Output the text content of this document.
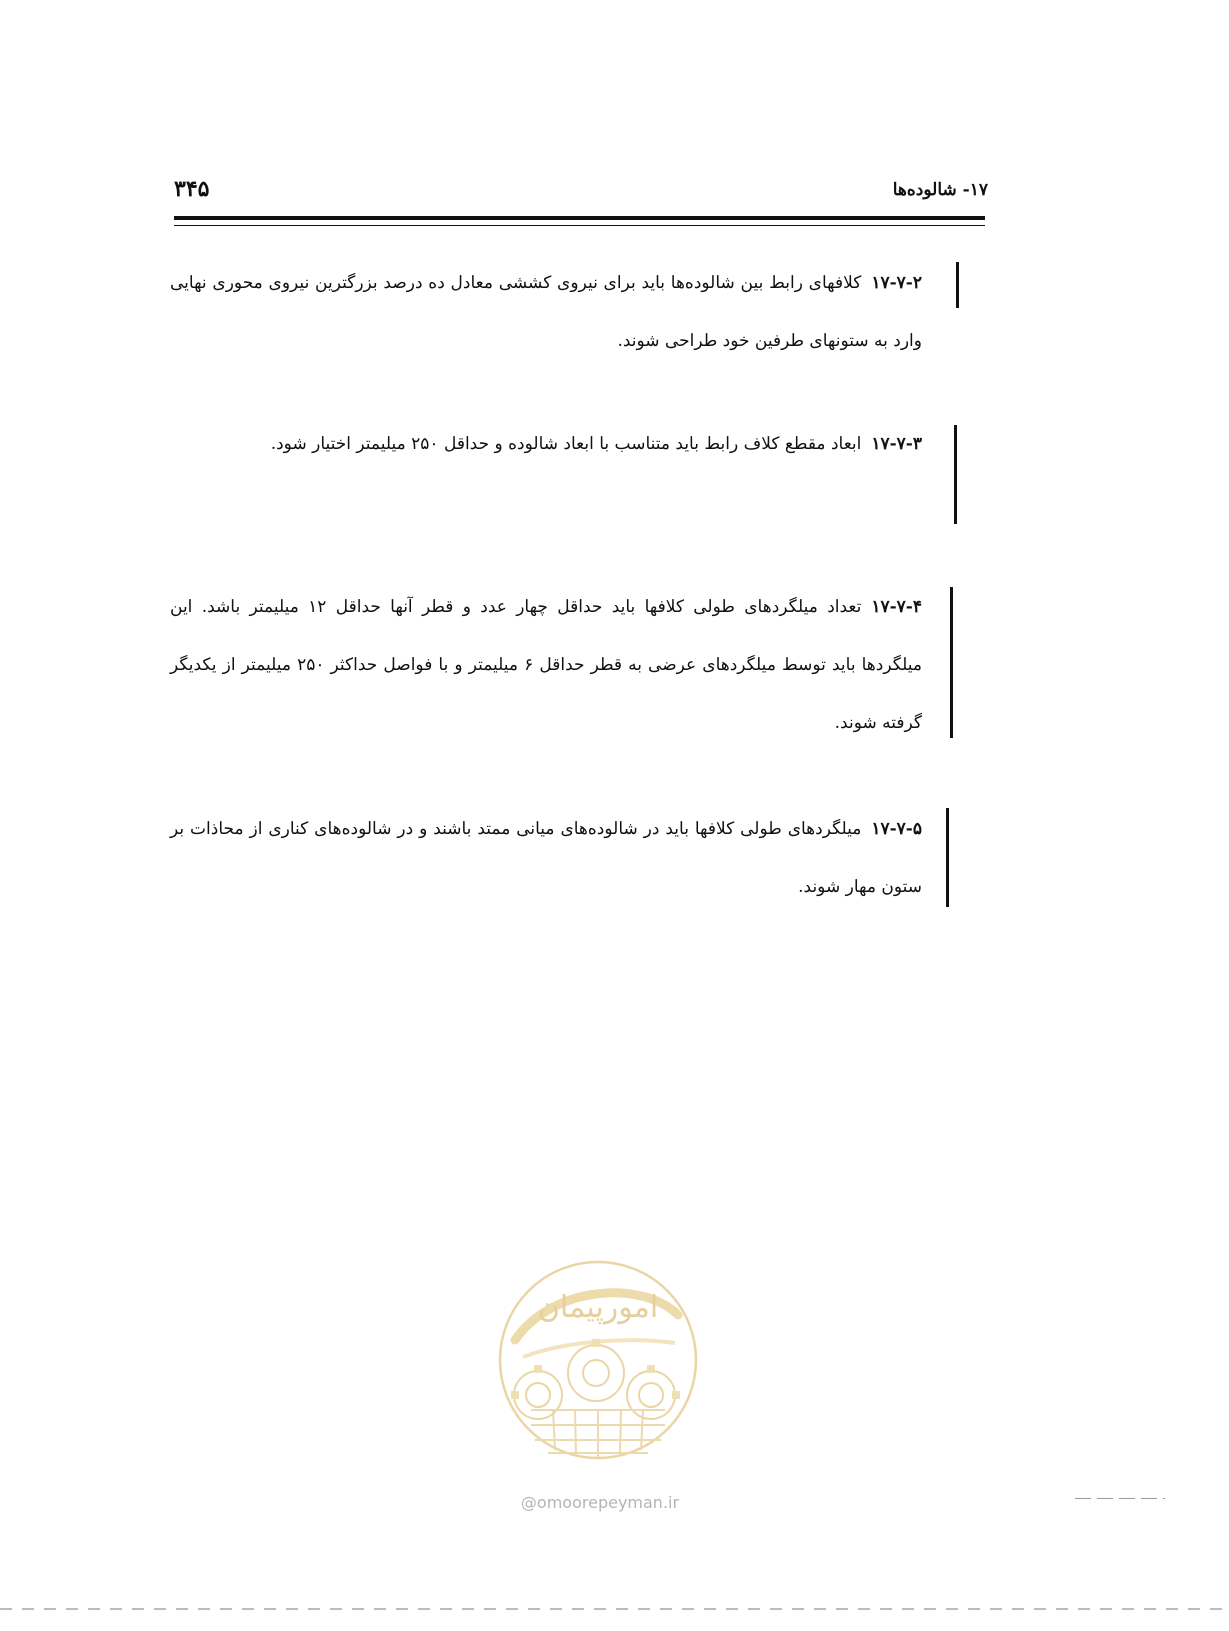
۳۴۵	۱۷- شالوده‌ها
۱۷-۷-۲کلافهای رابط بین شالوده‌ها باید برای نیروی کششی معادل ده درصد بزرگترین نیروی محوری نهایی وارد به ستونهای طرفین خود طراحی شوند.
۱۷-۷-۳ابعاد مقطع کلاف رابط باید متناسب با ابعاد شالوده و حداقل ۲۵۰ میلیمتر اختیار شود.
۱۷-۷-۴تعداد میلگردهای طولی کلافها باید حداقل چهار عدد و قطر آنها حداقل ۱۲ میلیمتر باشد. این میلگردها باید توسط میلگردهای عرضی به قطر حداقل ۶ میلیمتر و با فواصل حداکثر ۲۵۰ میلیمتر از یکدیگر گرفته شوند.
۱۷-۷-۵میلگردهای طولی کلافها باید در شالوده‌های میانی ممتد باشند و در شالوده‌های کناری از محاذات بر ستون مهار شوند.
امورپیمان
@omoorepeyman.ir
